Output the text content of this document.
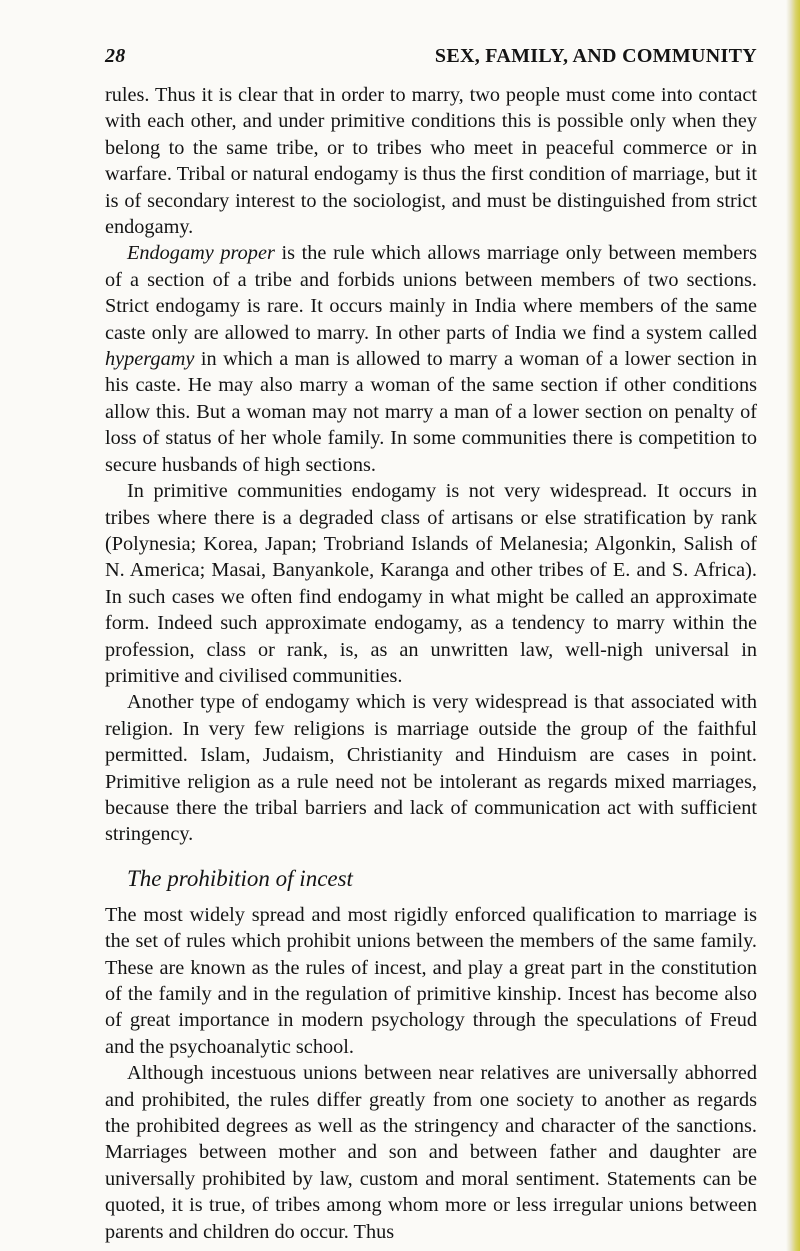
28	SEX, FAMILY, AND COMMUNITY

rules. Thus it is clear that in order to marry, two people must come into contact with each other, and under primitive conditions this is possible only when they belong to the same tribe, or to tribes who meet in peaceful commerce or in warfare. Tribal or natural endogamy is thus the first condition of marriage, but it is of secondary interest to the sociologist, and must be distinguished from strict endogamy.

Endogamy proper is the rule which allows marriage only between members of a section of a tribe and forbids unions between members of two sections. Strict endogamy is rare. It occurs mainly in India where members of the same caste only are allowed to marry. In other parts of India we find a system called hypergamy in which a man is allowed to marry a woman of a lower section in his caste. He may also marry a woman of the same section if other conditions allow this. But a woman may not marry a man of a lower section on penalty of loss of status of her whole family. In some communities there is competition to secure husbands of high sections.

In primitive communities endogamy is not very widespread. It occurs in tribes where there is a degraded class of artisans or else stratification by rank (Polynesia; Korea, Japan; Trobriand Islands of Melanesia; Algonkin, Salish of N. America; Masai, Banyankole, Karanga and other tribes of E. and S. Africa). In such cases we often find endogamy in what might be called an approximate form. Indeed such approximate endogamy, as a tendency to marry within the profession, class or rank, is, as an unwritten law, well-nigh universal in primitive and civilised communities.

Another type of endogamy which is very widespread is that associated with religion. In very few religions is marriage outside the group of the faithful permitted. Islam, Judaism, Christianity and Hinduism are cases in point. Primitive religion as a rule need not be intolerant as regards mixed marriages, because there the tribal barriers and lack of communication act with sufficient stringency.

The prohibition of incest

The most widely spread and most rigidly enforced qualification to marriage is the set of rules which prohibit unions between the members of the same family. These are known as the rules of incest, and play a great part in the constitution of the family and in the regulation of primitive kinship. Incest has become also of great importance in modern psychology through the speculations of Freud and the psychoanalytic school.

Although incestuous unions between near relatives are universally abhorred and prohibited, the rules differ greatly from one society to another as regards the prohibited degrees as well as the stringency and character of the sanctions. Marriages between mother and son and between father and daughter are universally prohibited by law, custom and moral sentiment. Statements can be quoted, it is true, of tribes among whom more or less irregular unions between parents and children do occur. Thus
